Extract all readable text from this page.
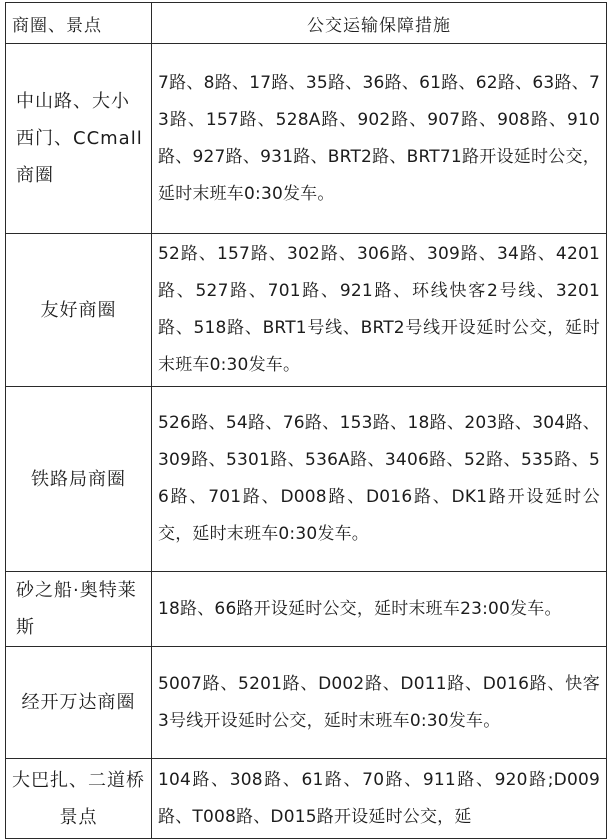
商圈、景点	公交运输保障措施
中山路、大小西门、CCmall商圈	7路、8路、17路、35路、36路、61路、62路、63路、73路、157路、528A路、902路、907路、908路、910路、927路、931路、BRT2路、BRT71路开设延时公交，延时末班车0:30发车。
友好商圈	52路、157路、302路、306路、309路、34路、4201路、527路、701路、921路、环线快客2号线、3201路、518路、BRT1号线、BRT2号线开设延时公交，延时末班车0:30发车。
铁路局商圈	526路、54路、76路、153路、18路、203路、304路、309路、5301路、536A路、3406路、52路、535路、56路、701路、D008路、D016路、DK1路开设延时公交，延时末班车0:30发车。
砂之船·奥特莱斯	18路、66路开设延时公交，延时末班车23:00发车。
经开万达商圈	5007路、5201路、D002路、D011路、D016路、快客3号线开设延时公交，延时末班车0:30发车。
大巴扎、二道桥景点	104路、308路、61路、70路、911路、920路;D009路、T008路、D015路开设延时公交，延
